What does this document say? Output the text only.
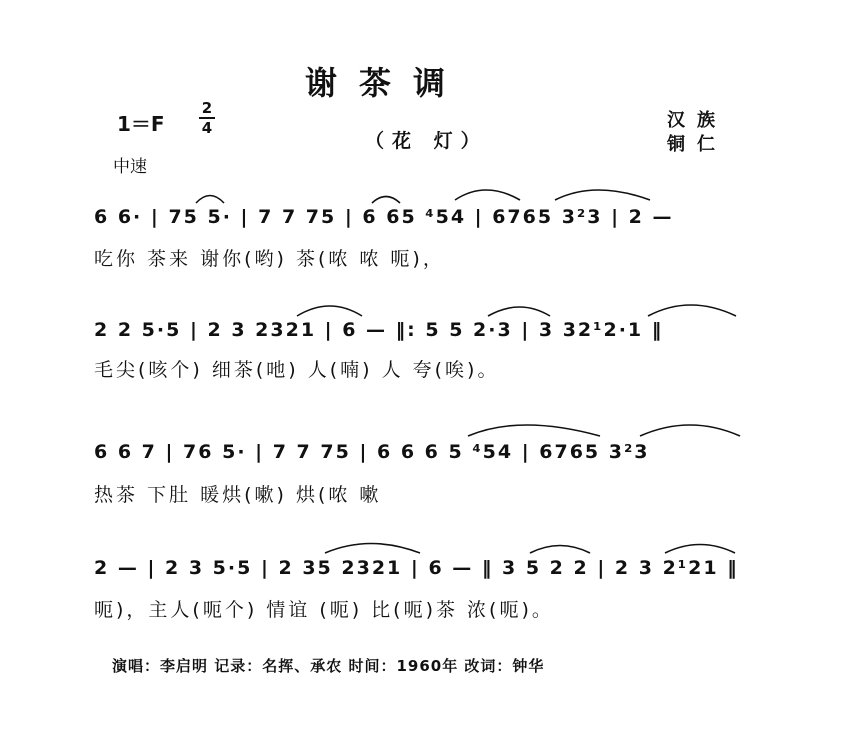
谢茶调
1＝F
2
4
（花 灯）
汉族
铜仁
中速
6 6· | 75 5· | 7 7 75 | 6 65 ⁴54 | 6765 3²3 | 2 —
吃你 茶来 谢你(哟) 茶(哝 哝 呃)，
2 2 5·5 | 2 3 2321 | 6 — ‖: 5 5 2·3 | 3 32¹2·1 ‖
毛尖(咳个) 细茶(吔) 人(喃) 人 夸(唉)。
6 6 7 | 76 5· | 7 7 75 | 6 6 6 5 ⁴54 | 6765 3²3
热茶 下肚 暖烘(嗽) 烘(哝 嗽
2 — | 2 3 5·5 | 2 35 2321 | 6 — ‖ 3 5 2 2 | 2 3 2¹21 ‖
呃)，主人(呃个) 情谊 (呃) 比(呃)茶 浓(呃)。
演唱：李启明 记录：名挥、承农 时间：1960年 改词：钟华
